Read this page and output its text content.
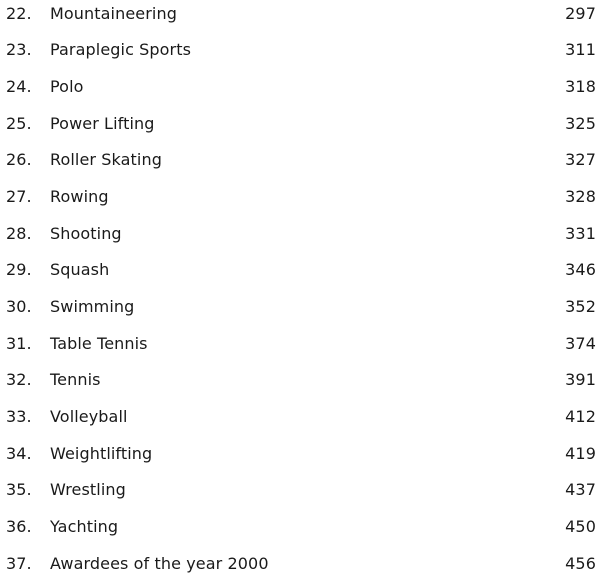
22.	Mountaineering	297
23.	Paraplegic Sports	311
24.	Polo	318
25.	Power Lifting	325
26.	Roller Skating	327
27.	Rowing	328
28.	Shooting	331
29.	Squash	346
30.	Swimming	352
31.	Table Tennis	374
32.	Tennis	391
33.	Volleyball	412
34.	Weightlifting	419
35.	Wrestling	437
36.	Yachting	450
37.	Awardees of the year 2000	456
